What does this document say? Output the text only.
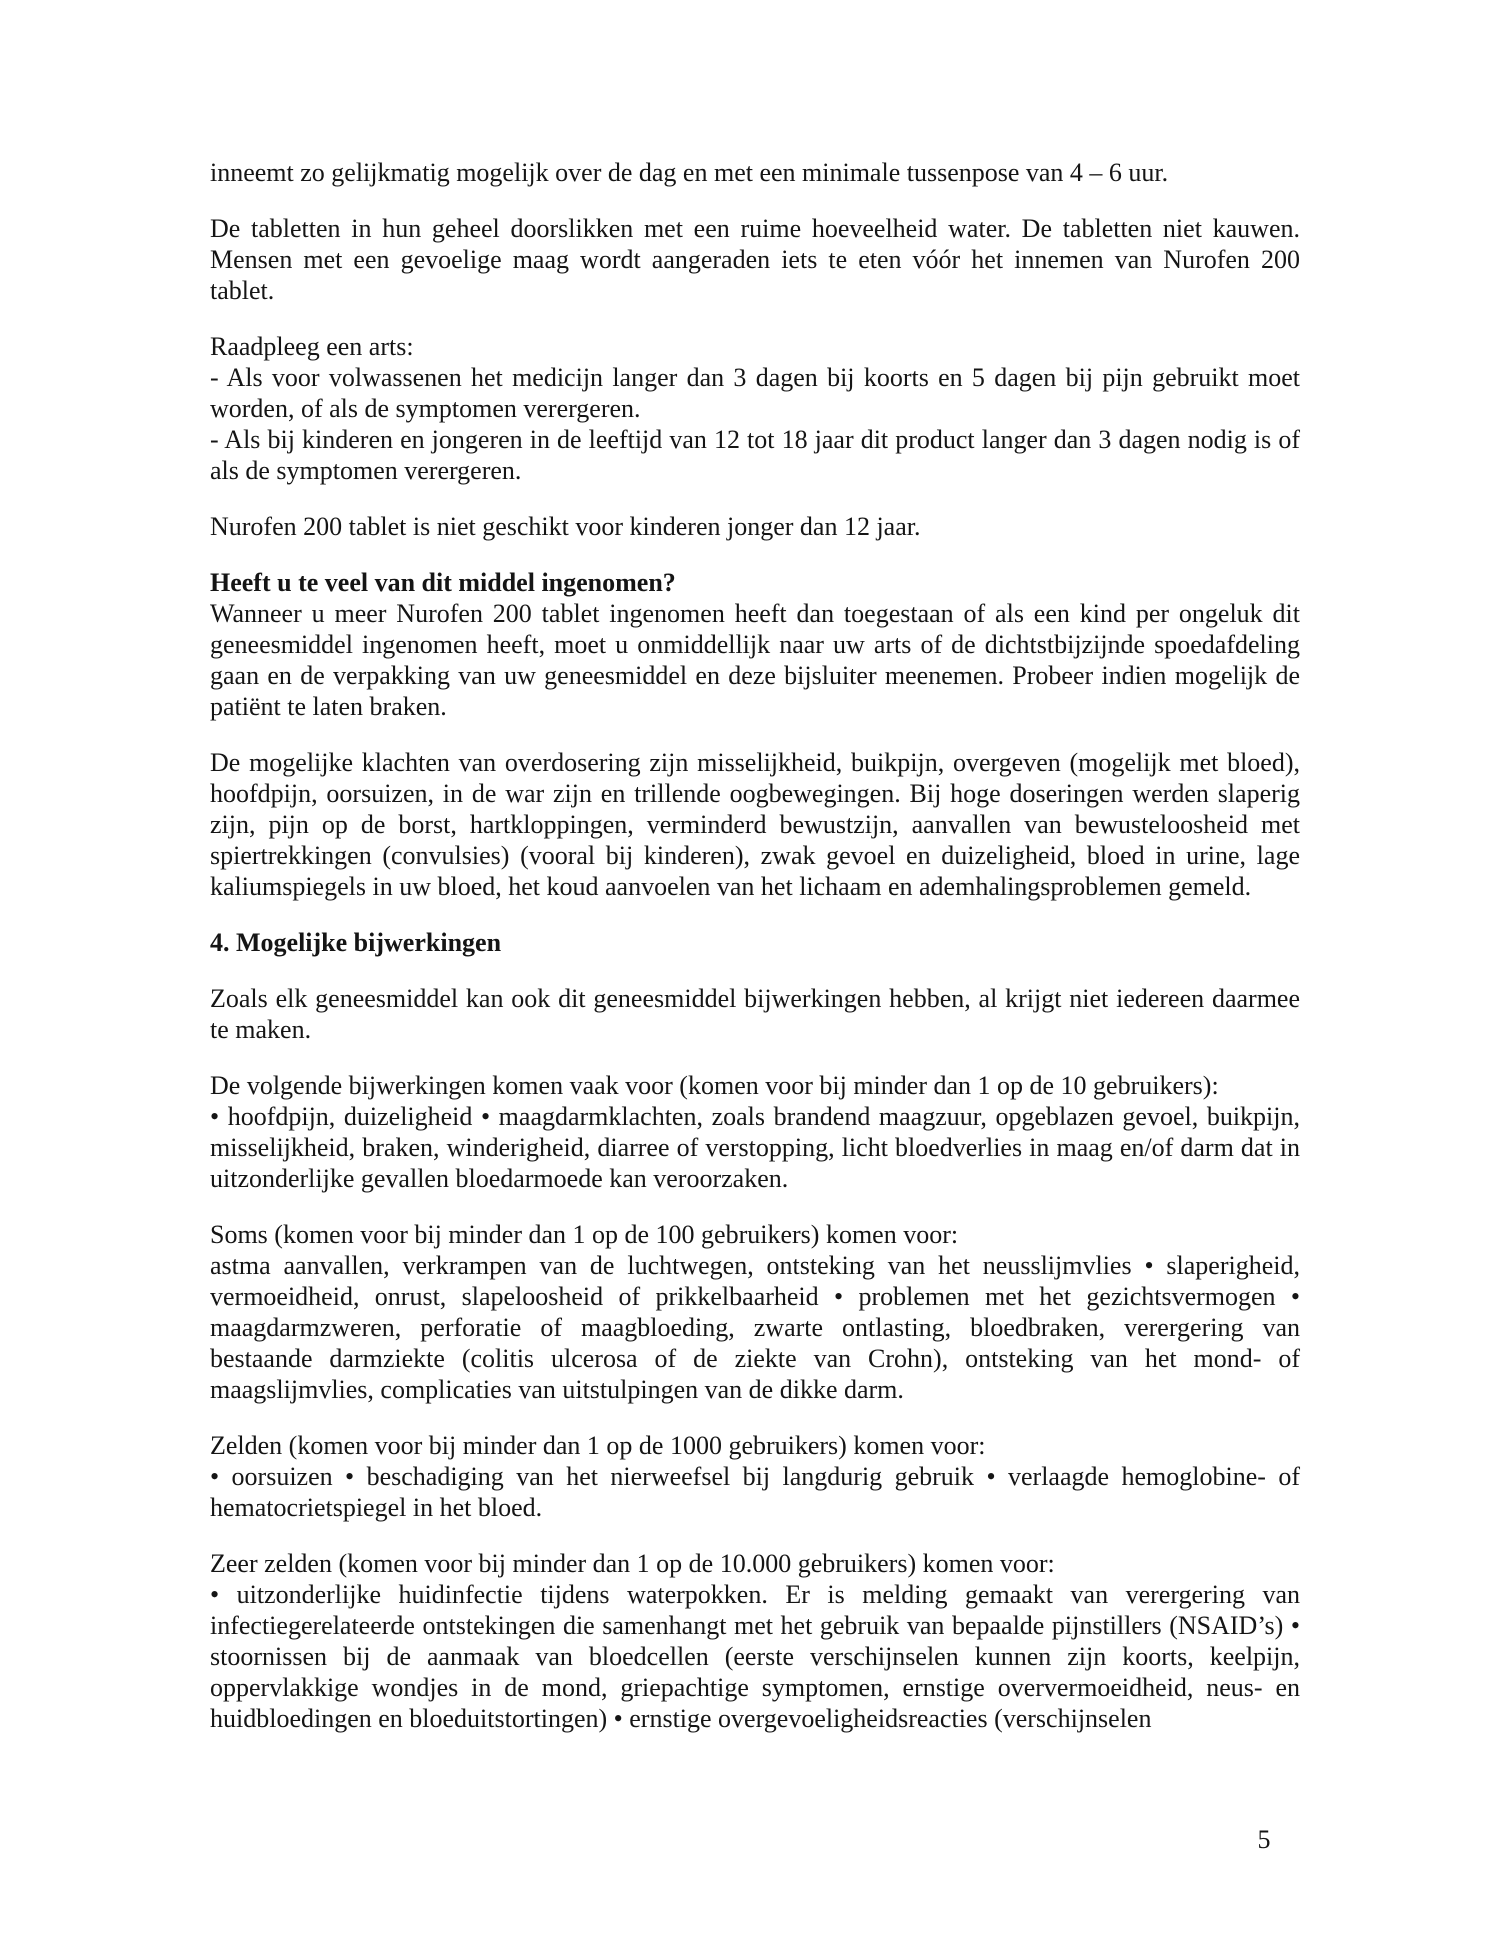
inneemt zo gelijkmatig mogelijk over de dag en met een minimale tussenpose van 4 – 6 uur.
De tabletten in hun geheel doorslikken met een ruime hoeveelheid water. De tabletten niet kauwen. Mensen met een gevoelige maag wordt aangeraden iets te eten vóór het innemen van Nurofen 200 tablet.
Raadpleeg een arts:
- Als voor volwassenen het medicijn langer dan 3 dagen bij koorts en 5 dagen bij pijn gebruikt moet worden, of als de symptomen verergeren.
- Als bij kinderen en jongeren in de leeftijd van 12 tot 18 jaar dit product langer dan 3 dagen nodig is of als de symptomen verergeren.
Nurofen 200 tablet is niet geschikt voor kinderen jonger dan 12 jaar.
Heeft u te veel van dit middel ingenomen?
Wanneer u meer Nurofen 200 tablet ingenomen heeft dan toegestaan of als een kind per ongeluk dit geneesmiddel ingenomen heeft, moet u onmiddellijk naar uw arts of de dichtstbijzijnde spoedafdeling gaan en de verpakking van uw geneesmiddel en deze bijsluiter meenemen. Probeer indien mogelijk de patiënt te laten braken.
De mogelijke klachten van overdosering zijn misselijkheid, buikpijn, overgeven (mogelijk met bloed), hoofdpijn, oorsuizen, in de war zijn en trillende oogbewegingen. Bij hoge doseringen werden slaperig zijn, pijn op de borst, hartkloppingen, verminderd bewustzijn, aanvallen van bewusteloosheid met spiertrekkingen (convulsies) (vooral bij kinderen), zwak gevoel en duizeligheid, bloed in urine, lage kaliumspiegels in uw bloed, het koud aanvoelen van het lichaam en ademhalingsproblemen gemeld.
4. Mogelijke bijwerkingen
Zoals elk geneesmiddel kan ook dit geneesmiddel bijwerkingen hebben, al krijgt niet iedereen daarmee te maken.
De volgende bijwerkingen komen vaak voor (komen voor bij minder dan 1 op de 10 gebruikers):
• hoofdpijn, duizeligheid • maagdarmklachten, zoals brandend maagzuur, opgeblazen gevoel, buikpijn, misselijkheid, braken, winderigheid, diarree of verstopping, licht bloedverlies in maag en/of darm dat in uitzonderlijke gevallen bloedarmoede kan veroorzaken.
Soms (komen voor bij minder dan 1 op de 100 gebruikers) komen voor:
astma aanvallen, verkrampen van de luchtwegen, ontsteking van het neusslijmvlies • slaperigheid, vermoeidheid, onrust, slapeloosheid of prikkelbaarheid • problemen met het gezichtsvermogen • maagdarmzweren, perforatie of maagbloeding, zwarte ontlasting, bloedbraken, verergering van bestaande darmziekte (colitis ulcerosa of de ziekte van Crohn), ontsteking van het mond- of maagslijmvlies, complicaties van uitstulpingen van de dikke darm.
Zelden (komen voor bij minder dan 1 op de 1000 gebruikers) komen voor:
• oorsuizen • beschadiging van het nierweefsel bij langdurig gebruik • verlaagde hemoglobine- of hematocrietspiegel in het bloed.
Zeer zelden (komen voor bij minder dan 1 op de 10.000 gebruikers) komen voor:
• uitzonderlijke huidinfectie tijdens waterpokken. Er is melding gemaakt van verergering van infectiegerelateerde ontstekingen die samenhangt met het gebruik van bepaalde pijnstillers (NSAID’s) • stoornissen bij de aanmaak van bloedcellen (eerste verschijnselen kunnen zijn koorts, keelpijn, oppervlakkige wondjes in de mond, griepachtige symptomen, ernstige oververmoeidheid, neus- en huidbloedingen en bloeduitstortingen) • ernstige overgevoeligheidsreacties (verschijnselen
5
